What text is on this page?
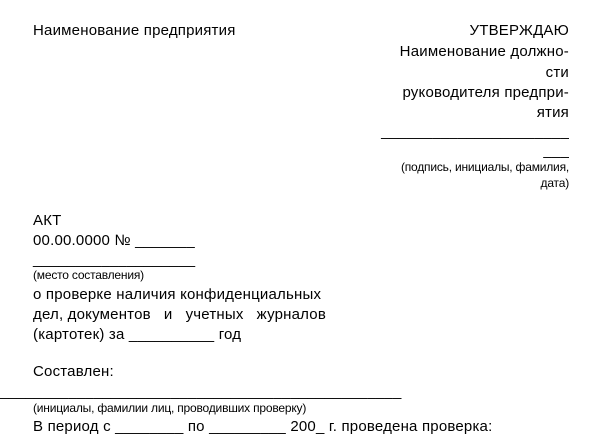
Наименование предприятия	УТВЕРЖДАЮ
Наименование должно-
сти
руководителя предпри-
ятия
______________________
___
(подпись, инициалы, фамилия,
дата)
АКТ
00.00.0000 № _______
___________________
(место составления)
о проверке наличия конфиденциальных
дел, документов   и   учетных   журналов
(картотек) за __________ год
Составлен:
_______________________________________________
(инициалы, фамилии лиц, проводивших проверку)
В период с ________ по _________ 200_ г. проведена проверка:
